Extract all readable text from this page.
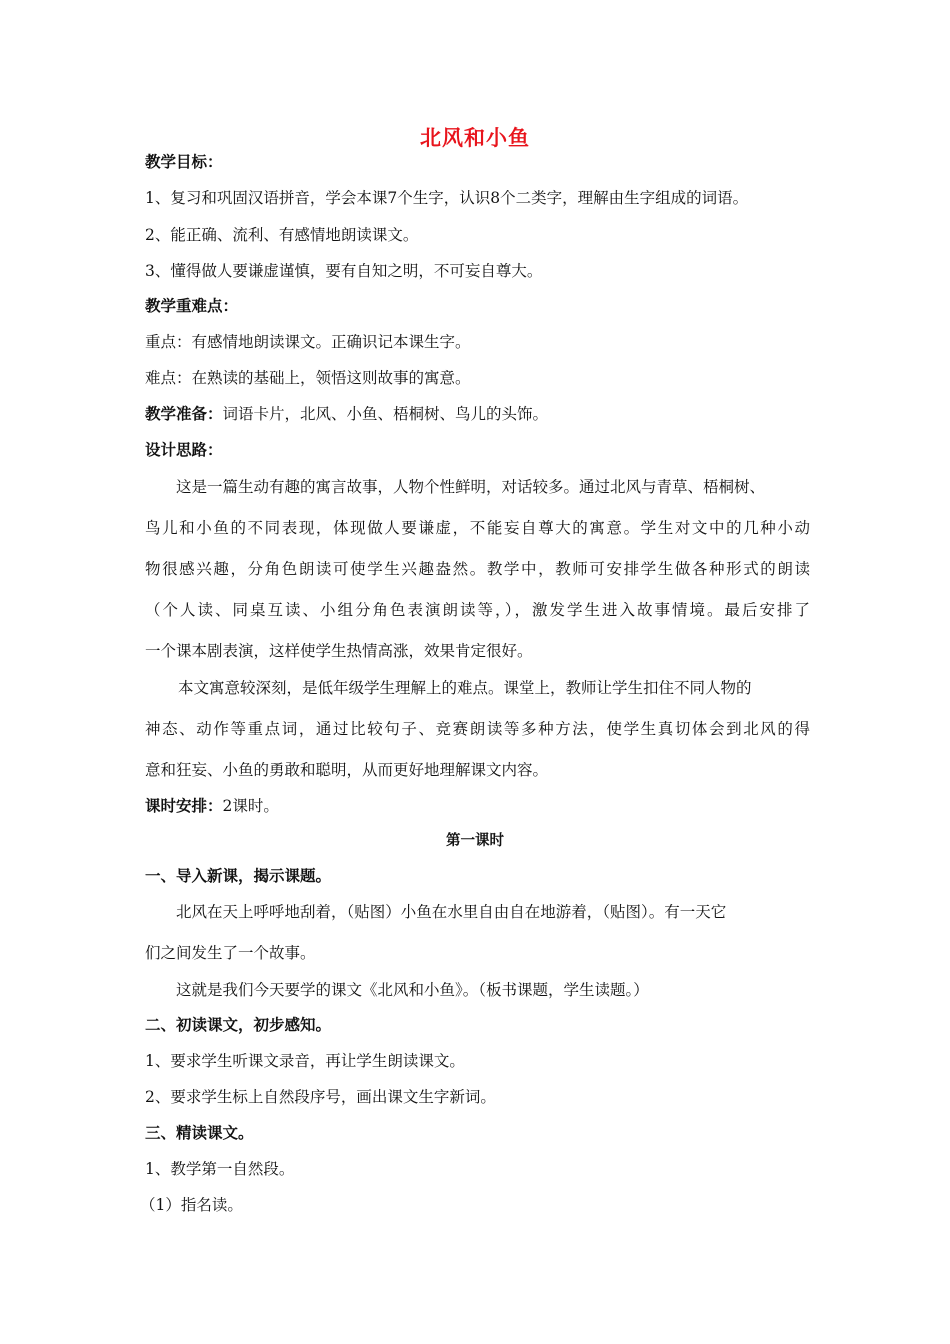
北风和小鱼
教学目标：
1、复习和巩固汉语拼音，学会本课7个生字，认识8个二类字，理解由生字组成的词语。
2、能正确、流利、有感情地朗读课文。
3、懂得做人要谦虚谨慎，要有自知之明，不可妄自尊大。
教学重难点：
重点：有感情地朗读课文。正确识记本课生字。
难点：在熟读的基础上，领悟这则故事的寓意。
教学准备：词语卡片，北风、小鱼、梧桐树、鸟儿的头饰。
设计思路：
这是一篇生动有趣的寓言故事，人物个性鲜明，对话较多。通过北风与青草、梧桐树、
鸟儿和小鱼的不同表现，体现做人要谦虚，不能妄自尊大的寓意。学生对文中的几种小动
物很感兴趣，分角色朗读可使学生兴趣盎然。教学中，教师可安排学生做各种形式的朗读
（个人读、同桌互读、小组分角色表演朗读等，），激发学生进入故事情境。最后安排了
一个课本剧表演，这样使学生热情高涨，效果肯定很好。
本文寓意较深刻，是低年级学生理解上的难点。课堂上，教师让学生扣住不同人物的
神态、动作等重点词，通过比较句子、竞赛朗读等多种方法，使学生真切体会到北风的得
意和狂妄、小鱼的勇敢和聪明，从而更好地理解课文内容。
课时安排：2课时。
第一课时
一、导入新课，揭示课题。
北风在天上呼呼地刮着，（贴图）小鱼在水里自由自在地游着，（贴图）。有一天它
们之间发生了一个故事。
这就是我们今天要学的课文《北风和小鱼》。（板书课题，学生读题。）
二、初读课文，初步感知。
1、要求学生听课文录音，再让学生朗读课文。
2、要求学生标上自然段序号，画出课文生字新词。
三、精读课文。
1、教学第一自然段。
（1）指名读。
